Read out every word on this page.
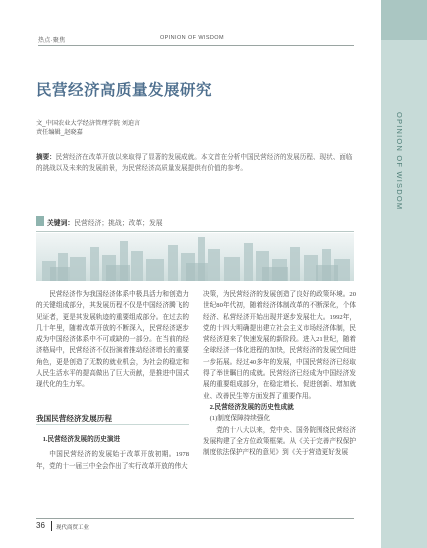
热点·聚焦	OPINION OF WISDOM
OPINION OF WISDOM
民营经济高质量发展研究
文_中国农业大学经济管理学院 刘迫言
责任编辑_赵晓嘉
摘要：民营经济在改革开放以来取得了显著的发展成就。本文首在分析中国民营经济的发展历程、现状、面临的挑战以及未来的发展前景，为民营经济高质量发展提供有价值的参考。
关键词：民营经济；挑战；改革；发展

民营经济作为我国经济体系中极具活力和创造力的关键组成部分，其发展历程不仅是中国经济腾飞的见证者，更是其发展轨迹的重要组成部分。在过去的几十年里，随着改革开放的不断深入，民营经济逐步成为中国经济体系中不可或缺的一部分。在当前的经济格局中，民营经济不仅扮演着推动经济增长的重要角色，更是创造了无数的就业机会，为社会的稳定和人民生活水平的提高做出了巨大贡献，是推进中国式现代化的生力军。

我国民营经济发展历程

1.民营经济发展的历史演进

中国民营经济的发展始于改革开放初期。1978年，党的十一届三中全会作出了实行改革开放的伟大

决策，为民营经济的发展创造了良好的政策环境。20世纪80年代初，随着经济体制改革的不断深化，个体经济、私营经济开始出现并逐步发展壮大。1992年，党的十四大明确提出建立社会主义市场经济体制，民营经济迎来了快速发展的新阶段。进入21世纪，随着全球经济一体化进程的加快，民营经济的发展空间进一步拓展。经过40多年的发展，中国民营经济已经取得了举世瞩目的成就。民营经济已经成为中国经济发展的重要组成部分，在稳定增长、促进创新、增加就业、改善民生等方面发挥了重要作用。

2.民营经济发展的历史性成就

(1)制度保障持续强化

党的十八大以来，党中央、国务院围绕民营经济发展构建了全方位政策框架。从《关于完善产权保护制度依法保护产权的意见》到《关于营造更好发展

36 现代商贸工业
